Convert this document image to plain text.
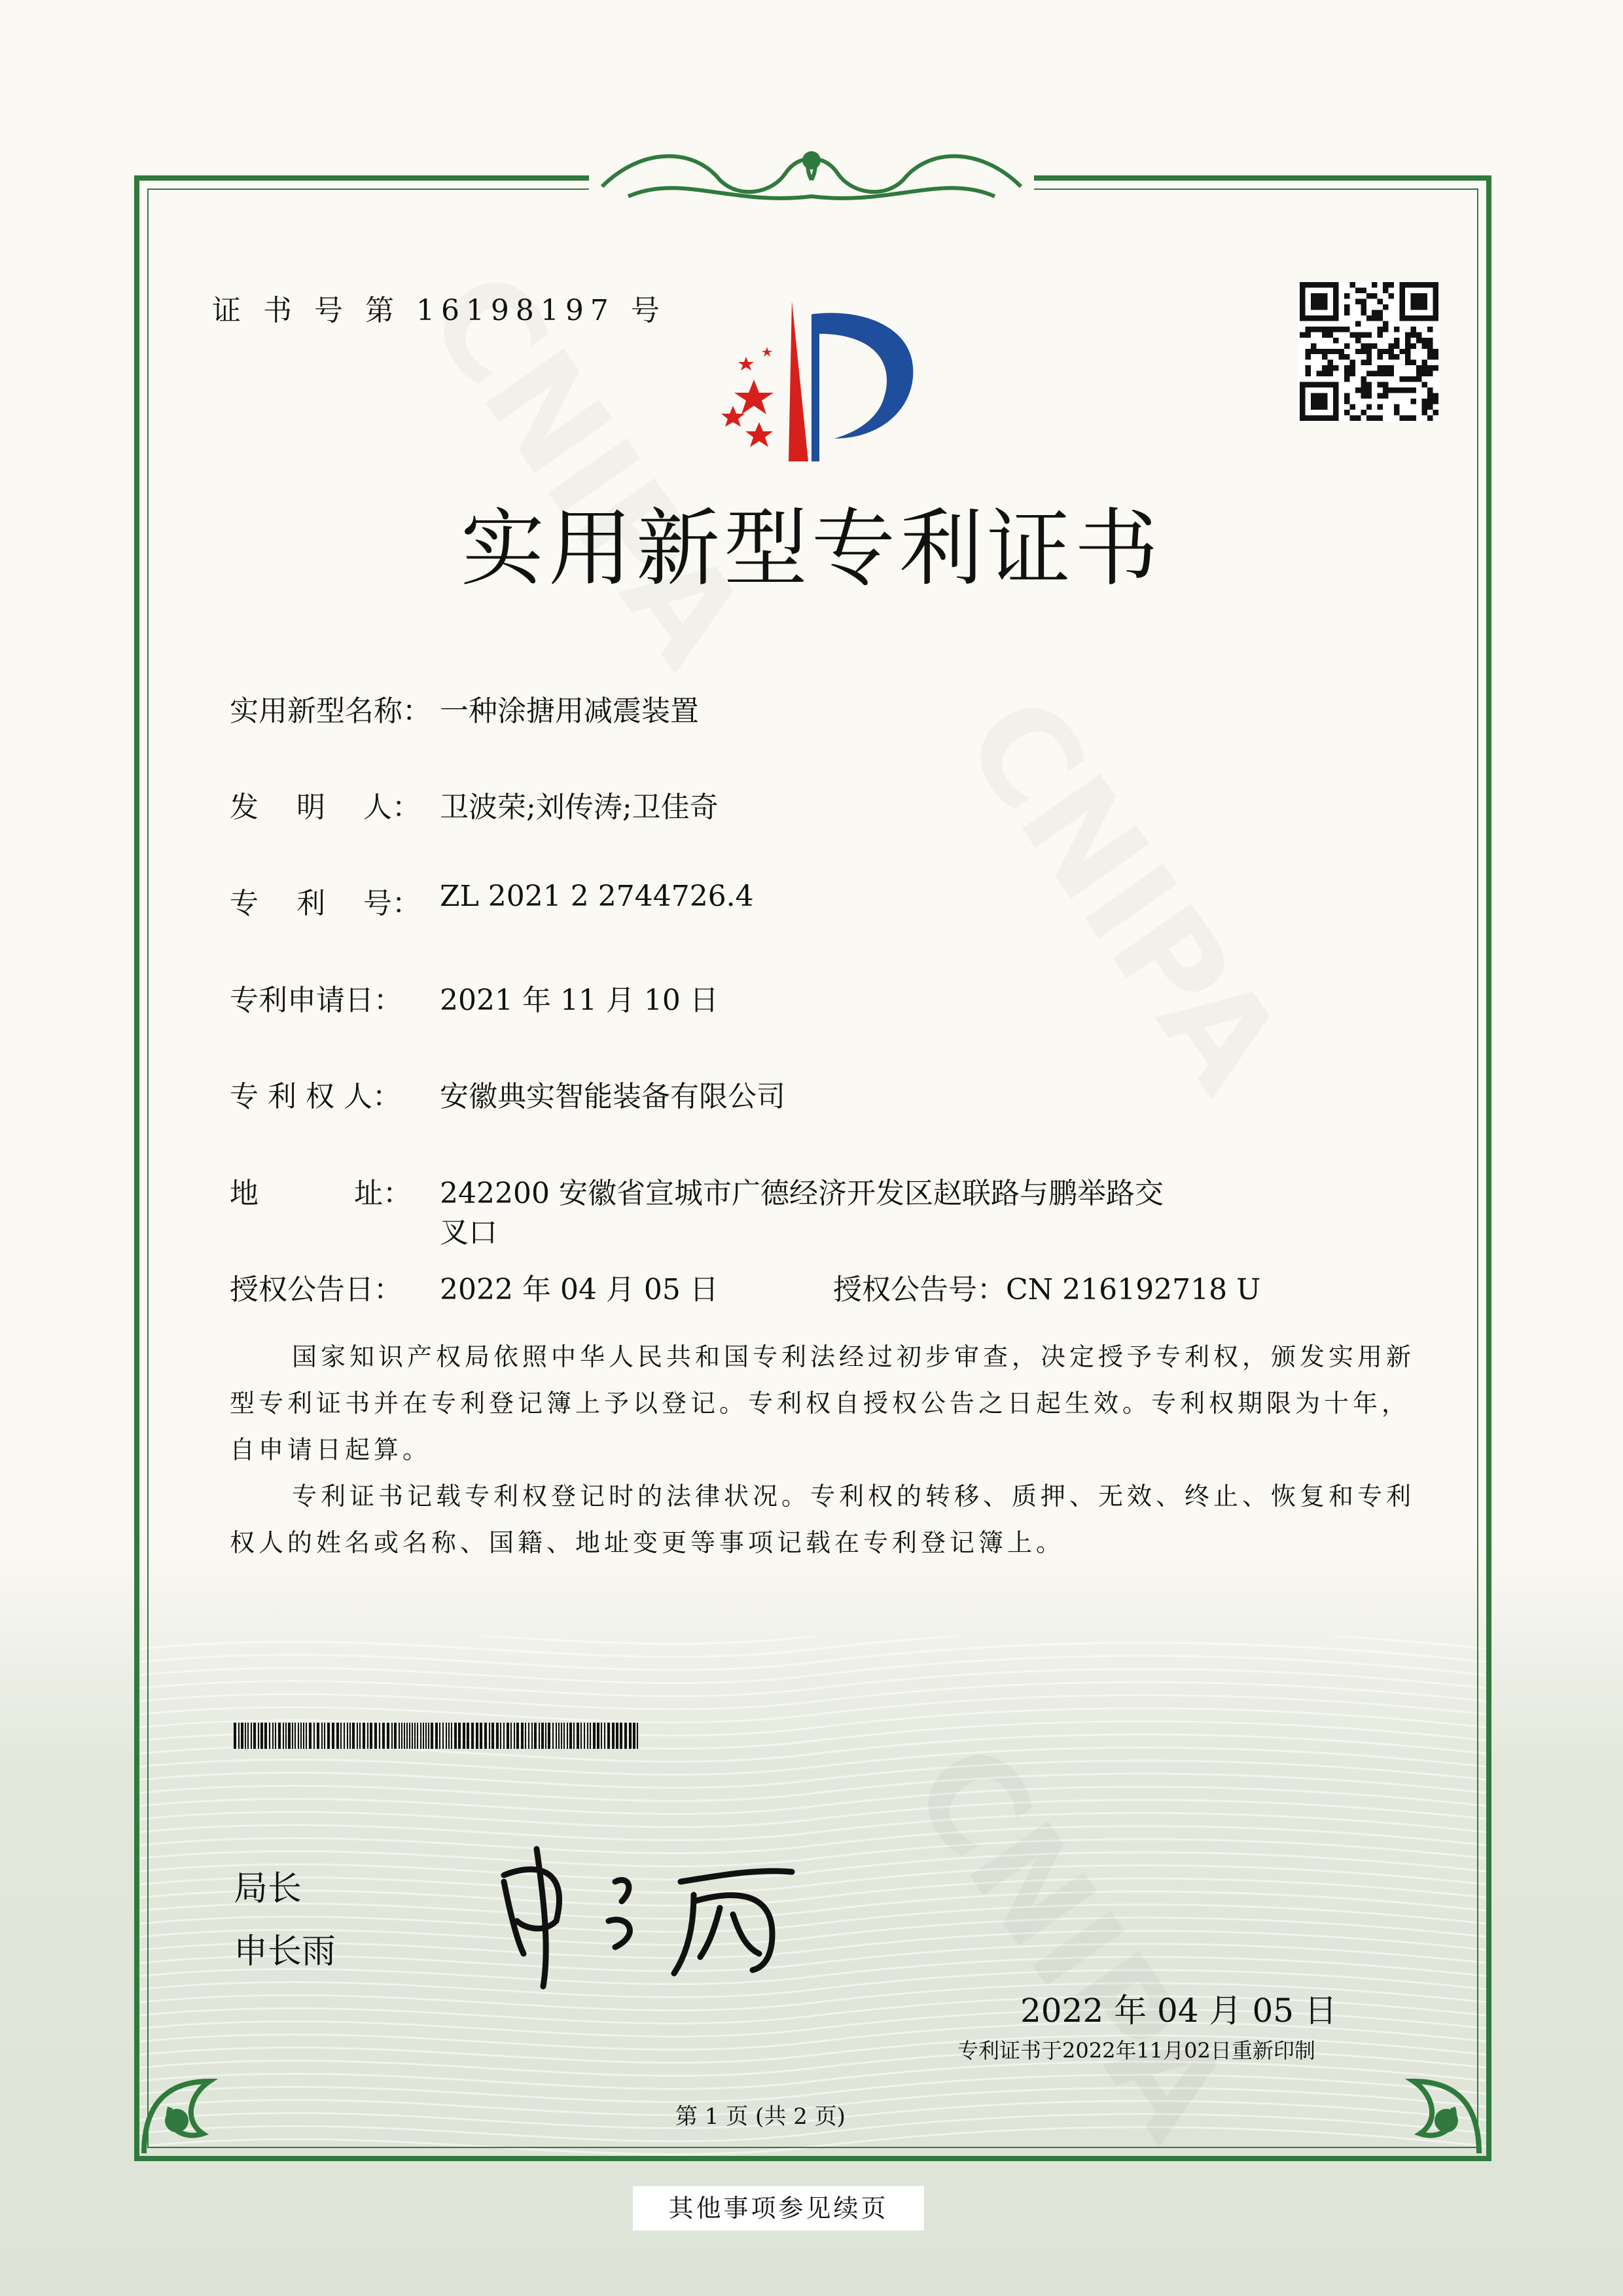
证 书 号 第 16198197 号
实用新型专利证书
实用新型名称： 一种涂搪用减震装置
发　 明　 人： 卫波荣;刘传涛;卫佳奇
专　 利　 号： ZL 2021 2 2744726.4
专利申请日： 2021 年 11 月 10 日
专 利 权 人： 安徽典实智能装备有限公司
地　　　 址： 242200 安徽省宣城市广德经济开发区赵联路与鹏举路交
叉口
授权公告日： 2022 年 04 月 05 日	授权公告号：CN 216192718 U

国家知识产权局依照中华人民共和国专利法经过初步审查，决定授予专利权，颁发实用新型专利证书并在专利登记簿上予以登记。专利权自授权公告之日起生效。专利权期限为十年，自申请日起算。

专利证书记载专利权登记时的法律状况。专利权的转移、质押、无效、终止、恢复和专利权人的姓名或名称、国籍、地址变更等事项记载在专利登记簿上。

局长
申长雨
2022 年 04 月 05 日
专利证书于2022年11月02日重新印制
第 1 页 (共 2 页)
其他事项参见续页
